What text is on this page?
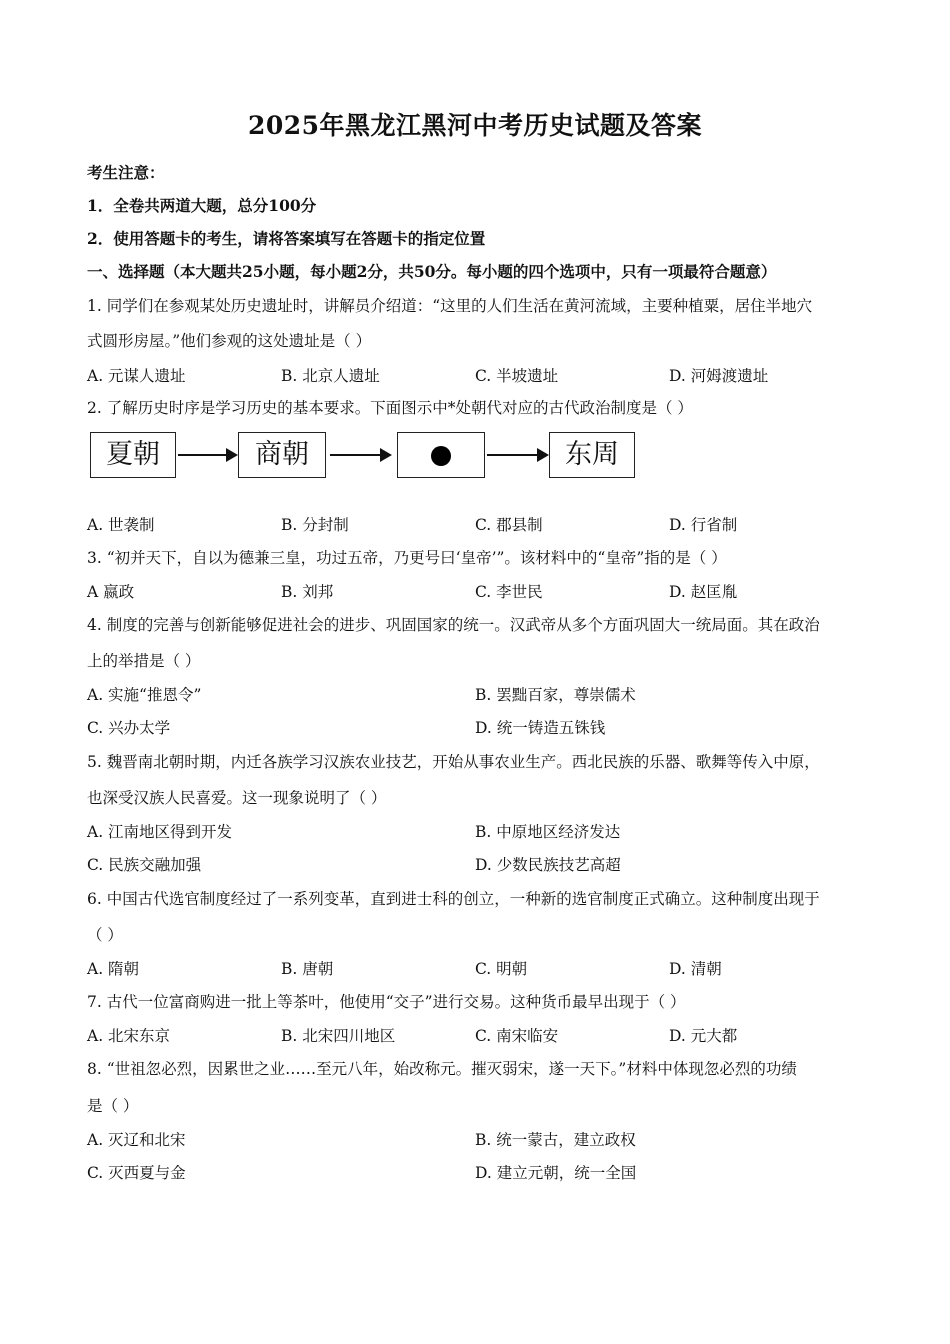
2025年黑龙江黑河中考历史试题及答案
考生注意：
1．全卷共两道大题，总分100分
2．使用答题卡的考生，请将答案填写在答题卡的指定位置
一、选择题（本大题共25小题，每小题2分，共50分。每小题的四个选项中，只有一项最符合题意）
1. 同学们在参观某处历史遗址时，讲解员介绍道：“这里的人们生活在黄河流域，主要种植粟，居住半地穴
式圆形房屋。”他们参观的这处遗址是（ ）
A. 元谋人遗址	B. 北京人遗址	C. 半坡遗址	D. 河姆渡遗址
2. 了解历史时序是学习历史的基本要求。下面图示中*处朝代对应的古代政治制度是（ ）
夏朝	商朝	东周
A. 世袭制	B. 分封制	C. 郡县制	D. 行省制
3. “初并天下，自以为德兼三皇，功过五帝，乃更号曰‘皇帝’”。该材料中的“皇帝”指的是（ ）
A 嬴政	B. 刘邦	C. 李世民	D. 赵匡胤
4. 制度的完善与创新能够促进社会的进步、巩固国家的统一。汉武帝从多个方面巩固大一统局面。其在政治
上的举措是（ ）
A. 实施“推恩令”	B. 罢黜百家，尊崇儒术
C. 兴办太学	D. 统一铸造五铢钱
5. 魏晋南北朝时期，内迁各族学习汉族农业技艺，开始从事农业生产。西北民族的乐器、歌舞等传入中原，
也深受汉族人民喜爱。这一现象说明了（ ）
A. 江南地区得到开发	B. 中原地区经济发达
C. 民族交融加强	D. 少数民族技艺高超
6. 中国古代选官制度经过了一系列变革，直到进士科的创立，一种新的选官制度正式确立。这种制度出现于
（ ）
A. 隋朝	B. 唐朝	C. 明朝	D. 清朝
7. 古代一位富商购进一批上等茶叶，他使用“交子”进行交易。这种货币最早出现于（ ）
A. 北宋东京	B. 北宋四川地区	C. 南宋临安	D. 元大都
8. “世祖忽必烈，因累世之业……至元八年，始改称元。摧灭弱宋，遂一天下。”材料中体现忽必烈的功绩
是（ ）
A. 灭辽和北宋	B. 统一蒙古，建立政权
C. 灭西夏与金	D. 建立元朝，统一全国
